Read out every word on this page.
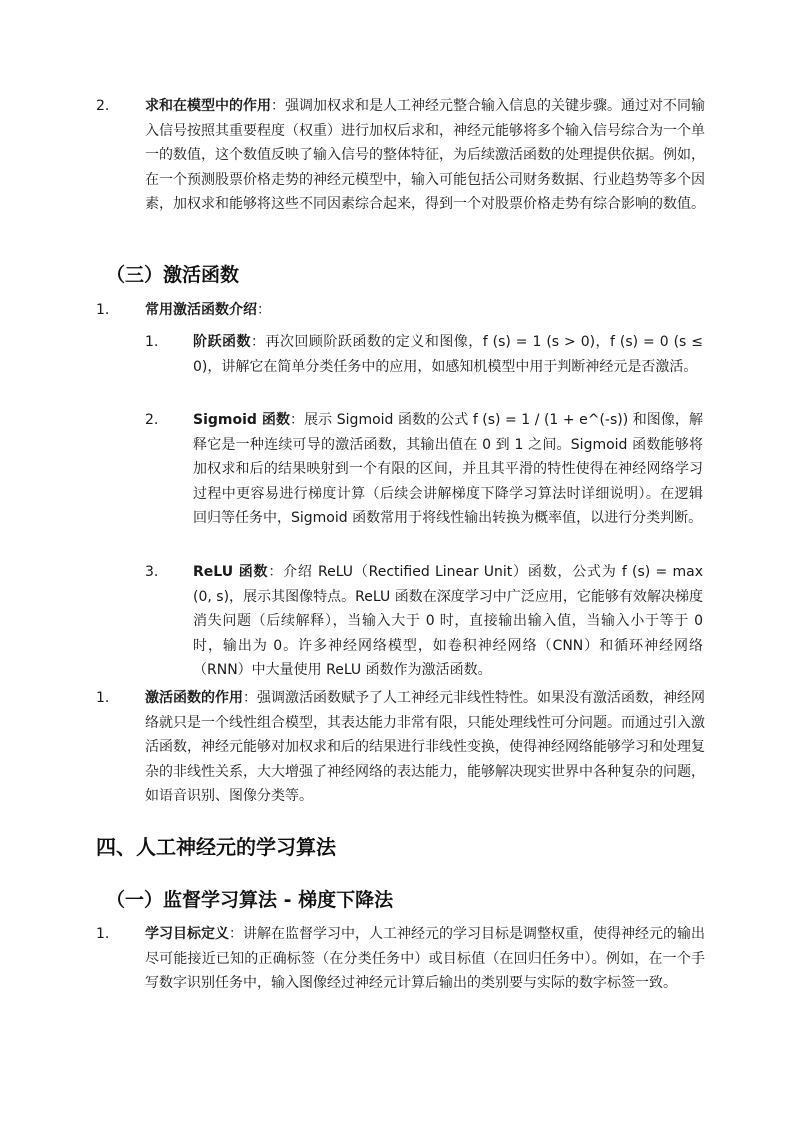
2.	求和在模型中的作用：强调加权求和是人工神经元整合输入信息的关键步骤。通过对不同输入信号按照其重要程度（权重）进行加权后求和，神经元能够将多个输入信号综合为一个单一的数值，这个数值反映了输入信号的整体特征，为后续激活函数的处理提供依据。例如，在一个预测股票价格走势的神经元模型中，输入可能包括公司财务数据、行业趋势等多个因素，加权求和能够将这些不同因素综合起来，得到一个对股票价格走势有综合影响的数值。
（三）激活函数
1.	常用激活函数介绍：
1. 阶跃函数：再次回顾阶跃函数的定义和图像，f (s) = 1 (s > 0)，f (s) = 0 (s ≤ 0)，讲解它在简单分类任务中的应用，如感知机模型中用于判断神经元是否激活。
2. Sigmoid 函数：展示 Sigmoid 函数的公式 f (s) = 1 / (1 + e^(-s)) 和图像，解释它是一种连续可导的激活函数，其输出值在 0 到 1 之间。Sigmoid 函数能够将加权求和后的结果映射到一个有限的区间，并且其平滑的特性使得在神经网络学习过程中更容易进行梯度计算（后续会讲解梯度下降学习算法时详细说明）。在逻辑回归等任务中，Sigmoid 函数常用于将线性输出转换为概率值，以进行分类判断。
3. ReLU 函数：介绍 ReLU（Rectified Linear Unit）函数，公式为 f (s) = max (0, s)，展示其图像特点。ReLU 函数在深度学习中广泛应用，它能够有效解决梯度消失问题（后续解释），当输入大于 0 时，直接输出输入值，当输入小于等于 0 时，输出为 0。许多神经网络模型，如卷积神经网络（CNN）和循环神经网络（RNN）中大量使用 ReLU 函数作为激活函数。
1.	激活函数的作用：强调激活函数赋予了人工神经元非线性特性。如果没有激活函数，神经网络就只是一个线性组合模型，其表达能力非常有限，只能处理线性可分问题。而通过引入激活函数，神经元能够对加权求和后的结果进行非线性变换，使得神经网络能够学习和处理复杂的非线性关系，大大增强了神经网络的表达能力，能够解决现实世界中各种复杂的问题，如语音识别、图像分类等。
四、人工神经元的学习算法
（一）监督学习算法 - 梯度下降法
1.	学习目标定义：讲解在监督学习中，人工神经元的学习目标是调整权重，使得神经元的输出尽可能接近已知的正确标签（在分类任务中）或目标值（在回归任务中）。例如，在一个手写数字识别任务中，输入图像经过神经元计算后输出的类别要与实际的数字标签一致。
